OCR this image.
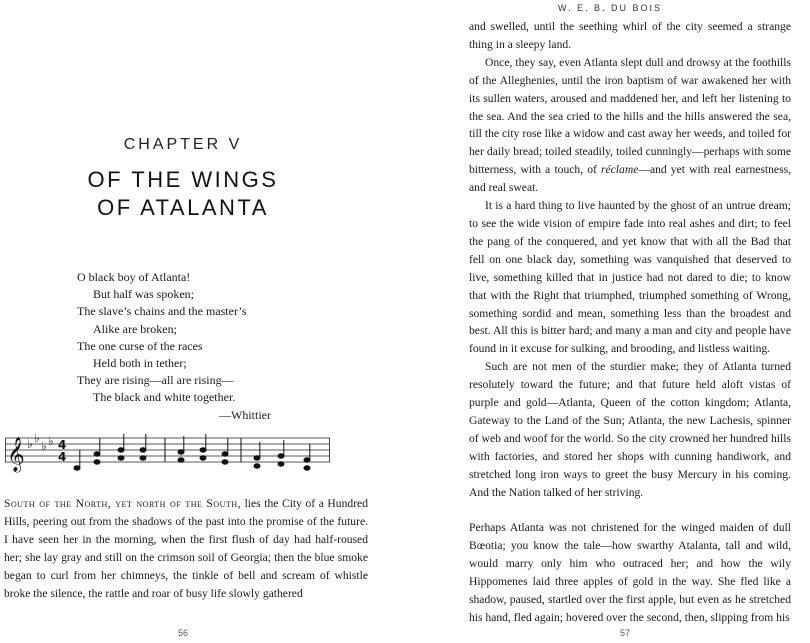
CHAPTER V
OF THE WINGS
OF ATALANTA
O black boy of Atlanta!
But half was spoken;
The slave’s chains and the master’s
Alike are broken;
The one curse of the races
Held both in tether;
They are rising—all are rising—
The black and white together.
—Whittier
𝄞 ♭ ♭
♭ ♭ 4
4

South of the North, yet north of the South, lies the City of a Hundred Hills, peering out from the shadows of the past into the promise of the future. I have seen her in the morning, when the first flush of day had half-roused her; she lay gray and still on the crimson soil of Georgia; then the blue smoke began to curl from her chimneys, the tinkle of bell and scream of whistle broke the silence, the rattle and roar of busy life slowly gathered

56
W. E. B. DU BOIS

and swelled, until the seething whirl of the city seemed a strange thing in a sleepy land.

Once, they say, even Atlanta slept dull and drowsy at the foothills of the Alleghenies, until the iron baptism of war awakened her with its sullen waters, aroused and maddened her, and left her listening to the sea. And the sea cried to the hills and the hills answered the sea, till the city rose like a widow and cast away her weeds, and toiled for her daily bread; toiled steadily, toiled cunningly—perhaps with some bitterness, with a touch, of réclame—and yet with real earnestness, and real sweat.

It is a hard thing to live haunted by the ghost of an untrue dream; to see the wide vision of empire fade into real ashes and dirt; to feel the pang of the conquered, and yet know that with all the Bad that fell on one black day, something was vanquished that deserved to live, something killed that in justice had not dared to die; to know that with the Right that triumphed, triumphed something of Wrong, something sordid and mean, something less than the broadest and best. All this is bitter hard; and many a man and city and people have found in it excuse for sulking, and brooding, and listless waiting.

Such are not men of the sturdier make; they of Atlanta turned resolutely toward the future; and that future held aloft vistas of purple and gold—Atlanta, Queen of the cotton kingdom; Atlanta, Gateway to the Land of the Sun; Atlanta, the new Lachesis, spinner of web and woof for the world. So the city crowned her hundred hills with factories, and stored her shops with cunning handiwork, and stretched long iron ways to greet the busy Mercury in his coming. And the Nation talked of her striving.

Perhaps Atlanta was not christened for the winged maiden of dull Bœotia; you know the tale—how swarthy Atalanta, tall and wild, would marry only him who outraced her; and how the wily Hippomenes laid three apples of gold in the way. She fled like a shadow, paused, startled over the first apple, but even as he stretched his hand, fled again; hovered over the second, then, slipping from his

57
